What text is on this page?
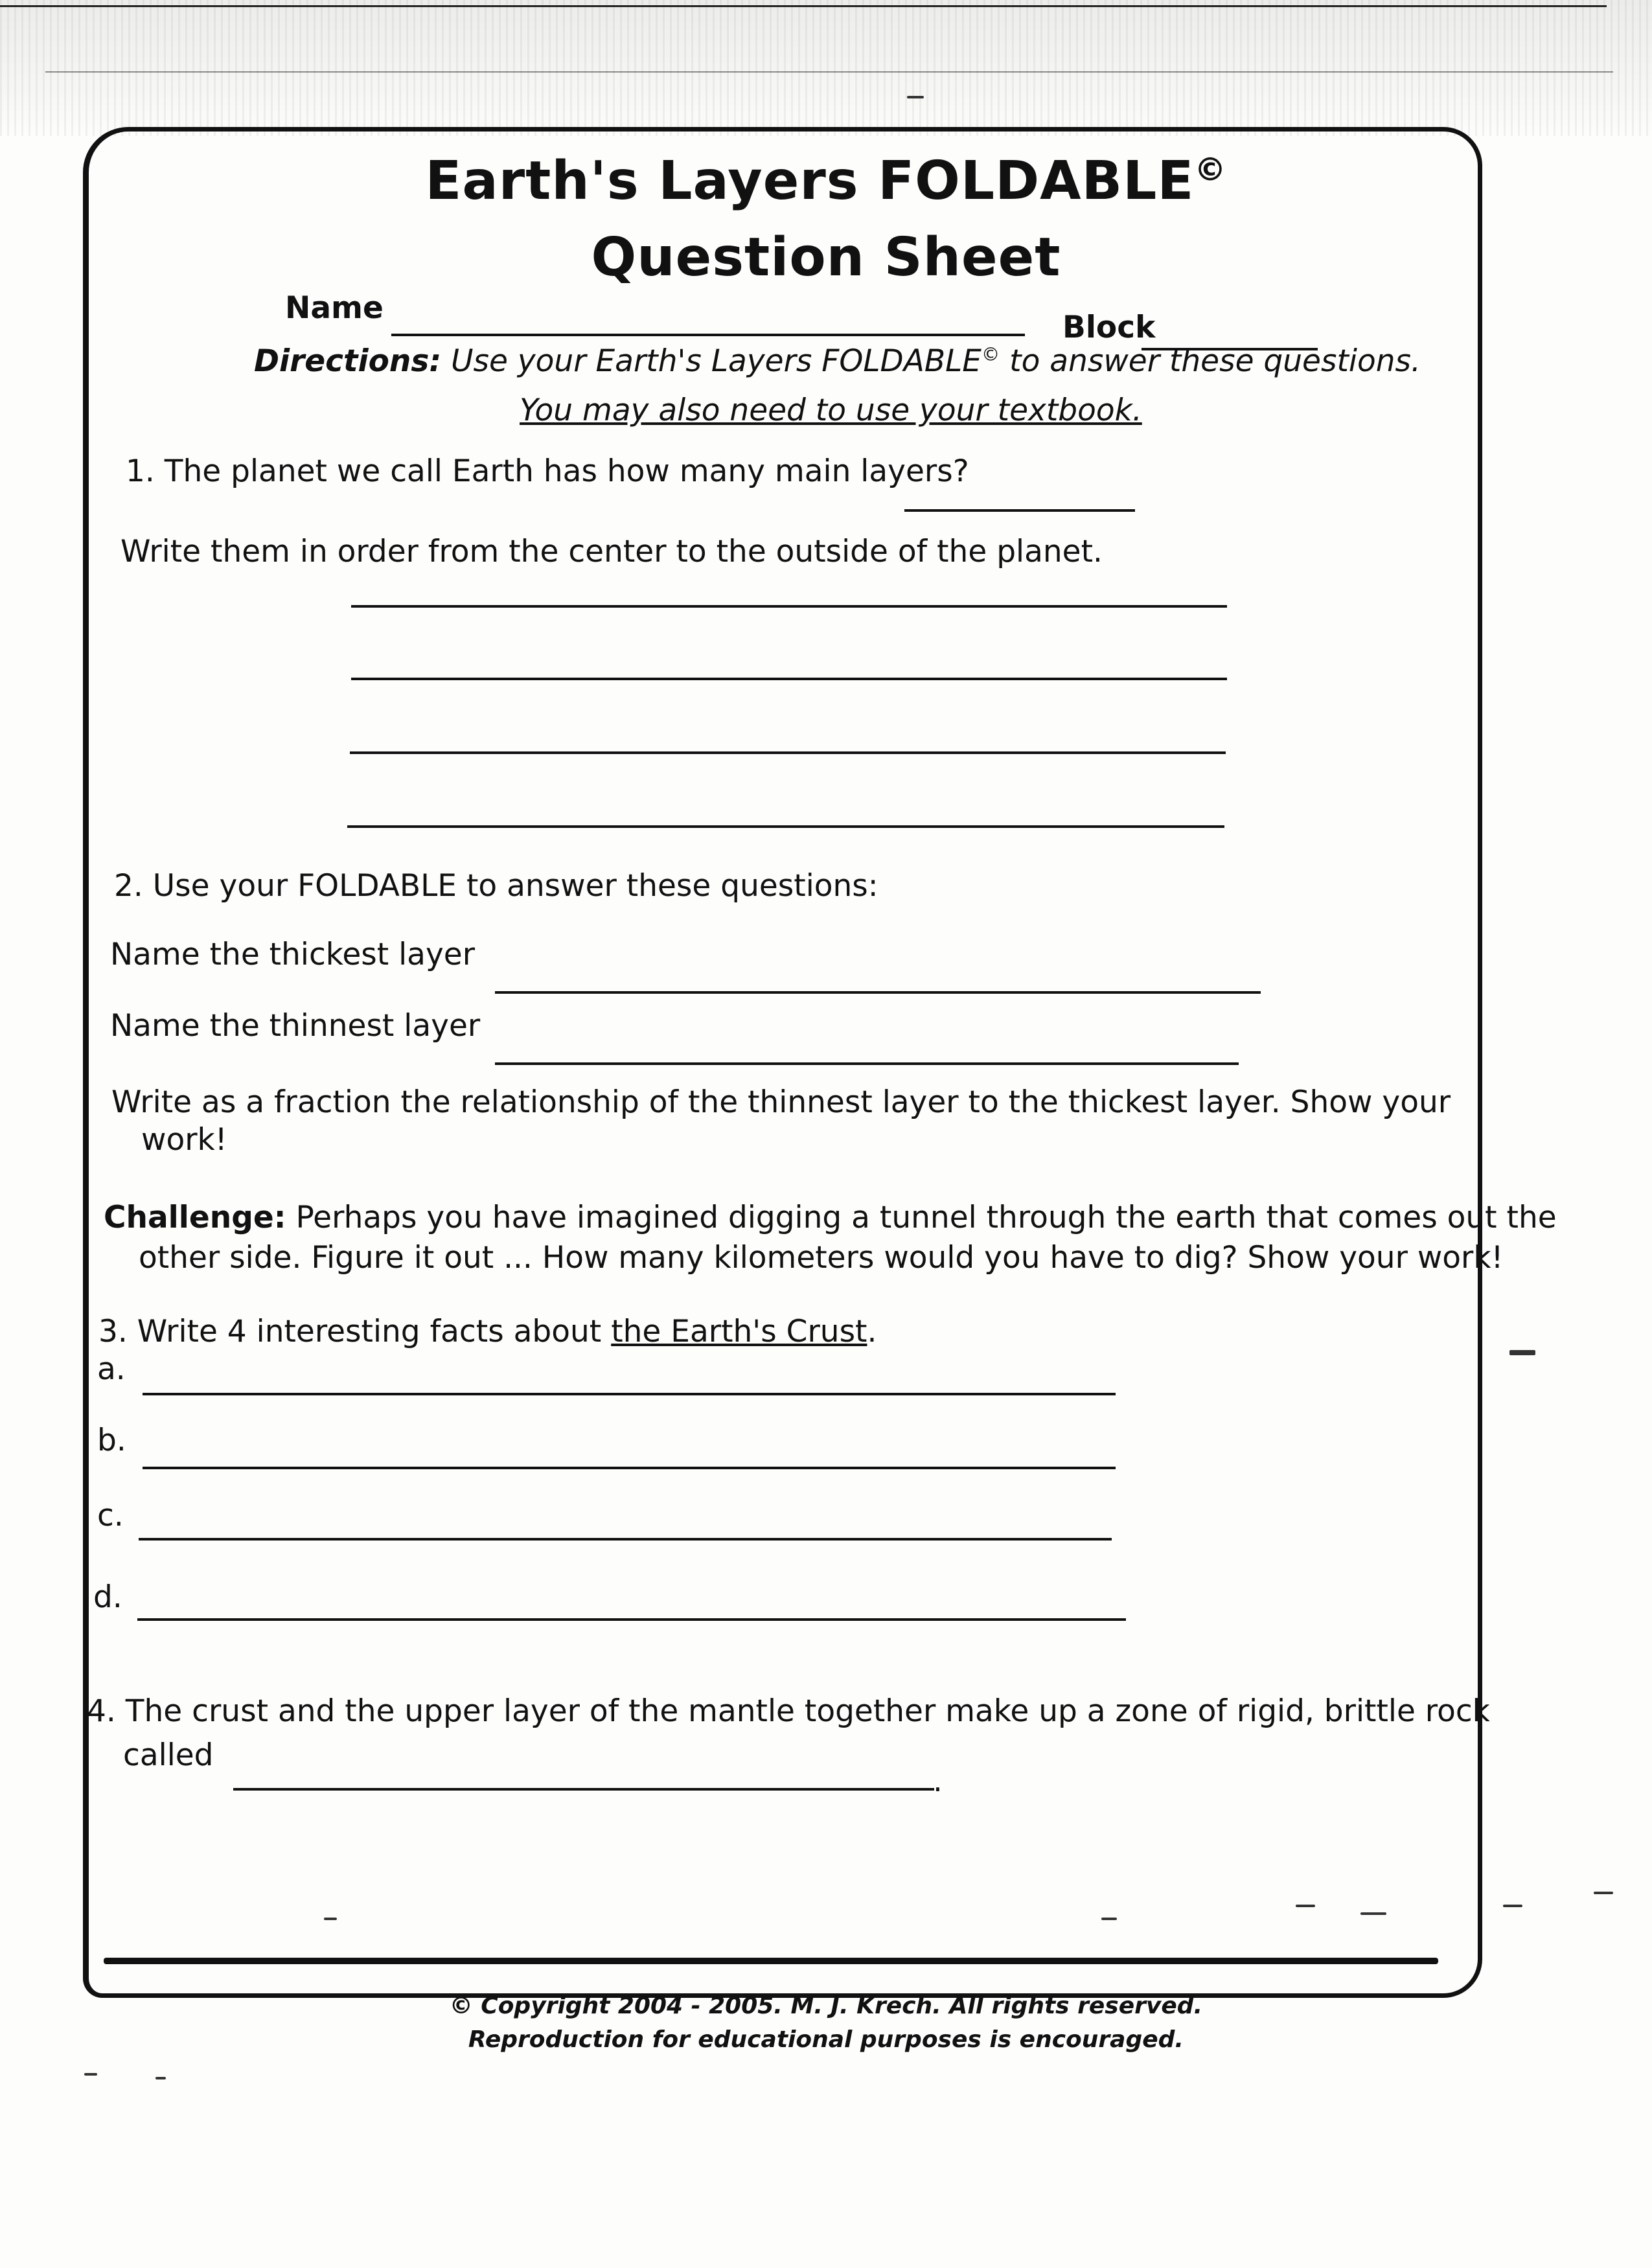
Earth's Layers FOLDABLE©
Question Sheet
Name
Block
Directions: Use your Earth's Layers FOLDABLE© to answer these questions.
You may also need to use your textbook.
1. The planet we call Earth has how many main layers?
Write them in order from the center to the outside of the planet.
2. Use your FOLDABLE to answer these questions:
Name the thickest layer
Name the thinnest layer
Write as a fraction the relationship of the thinnest layer to the thickest layer. Show your
work!
Challenge: Perhaps you have imagined digging a tunnel through the earth that comes out the
other side. Figure it out ... How many kilometers would you have to dig? Show your work!
3. Write 4 interesting facts about the Earth's Crust.
a.
b.
c.
d.
4. The crust and the upper layer of the mantle together make up a zone of rigid, brittle rock
called
.
© Copyright 2004 - 2005. M. J. Krech. All rights reserved.
Reproduction for educational purposes is encouraged.
